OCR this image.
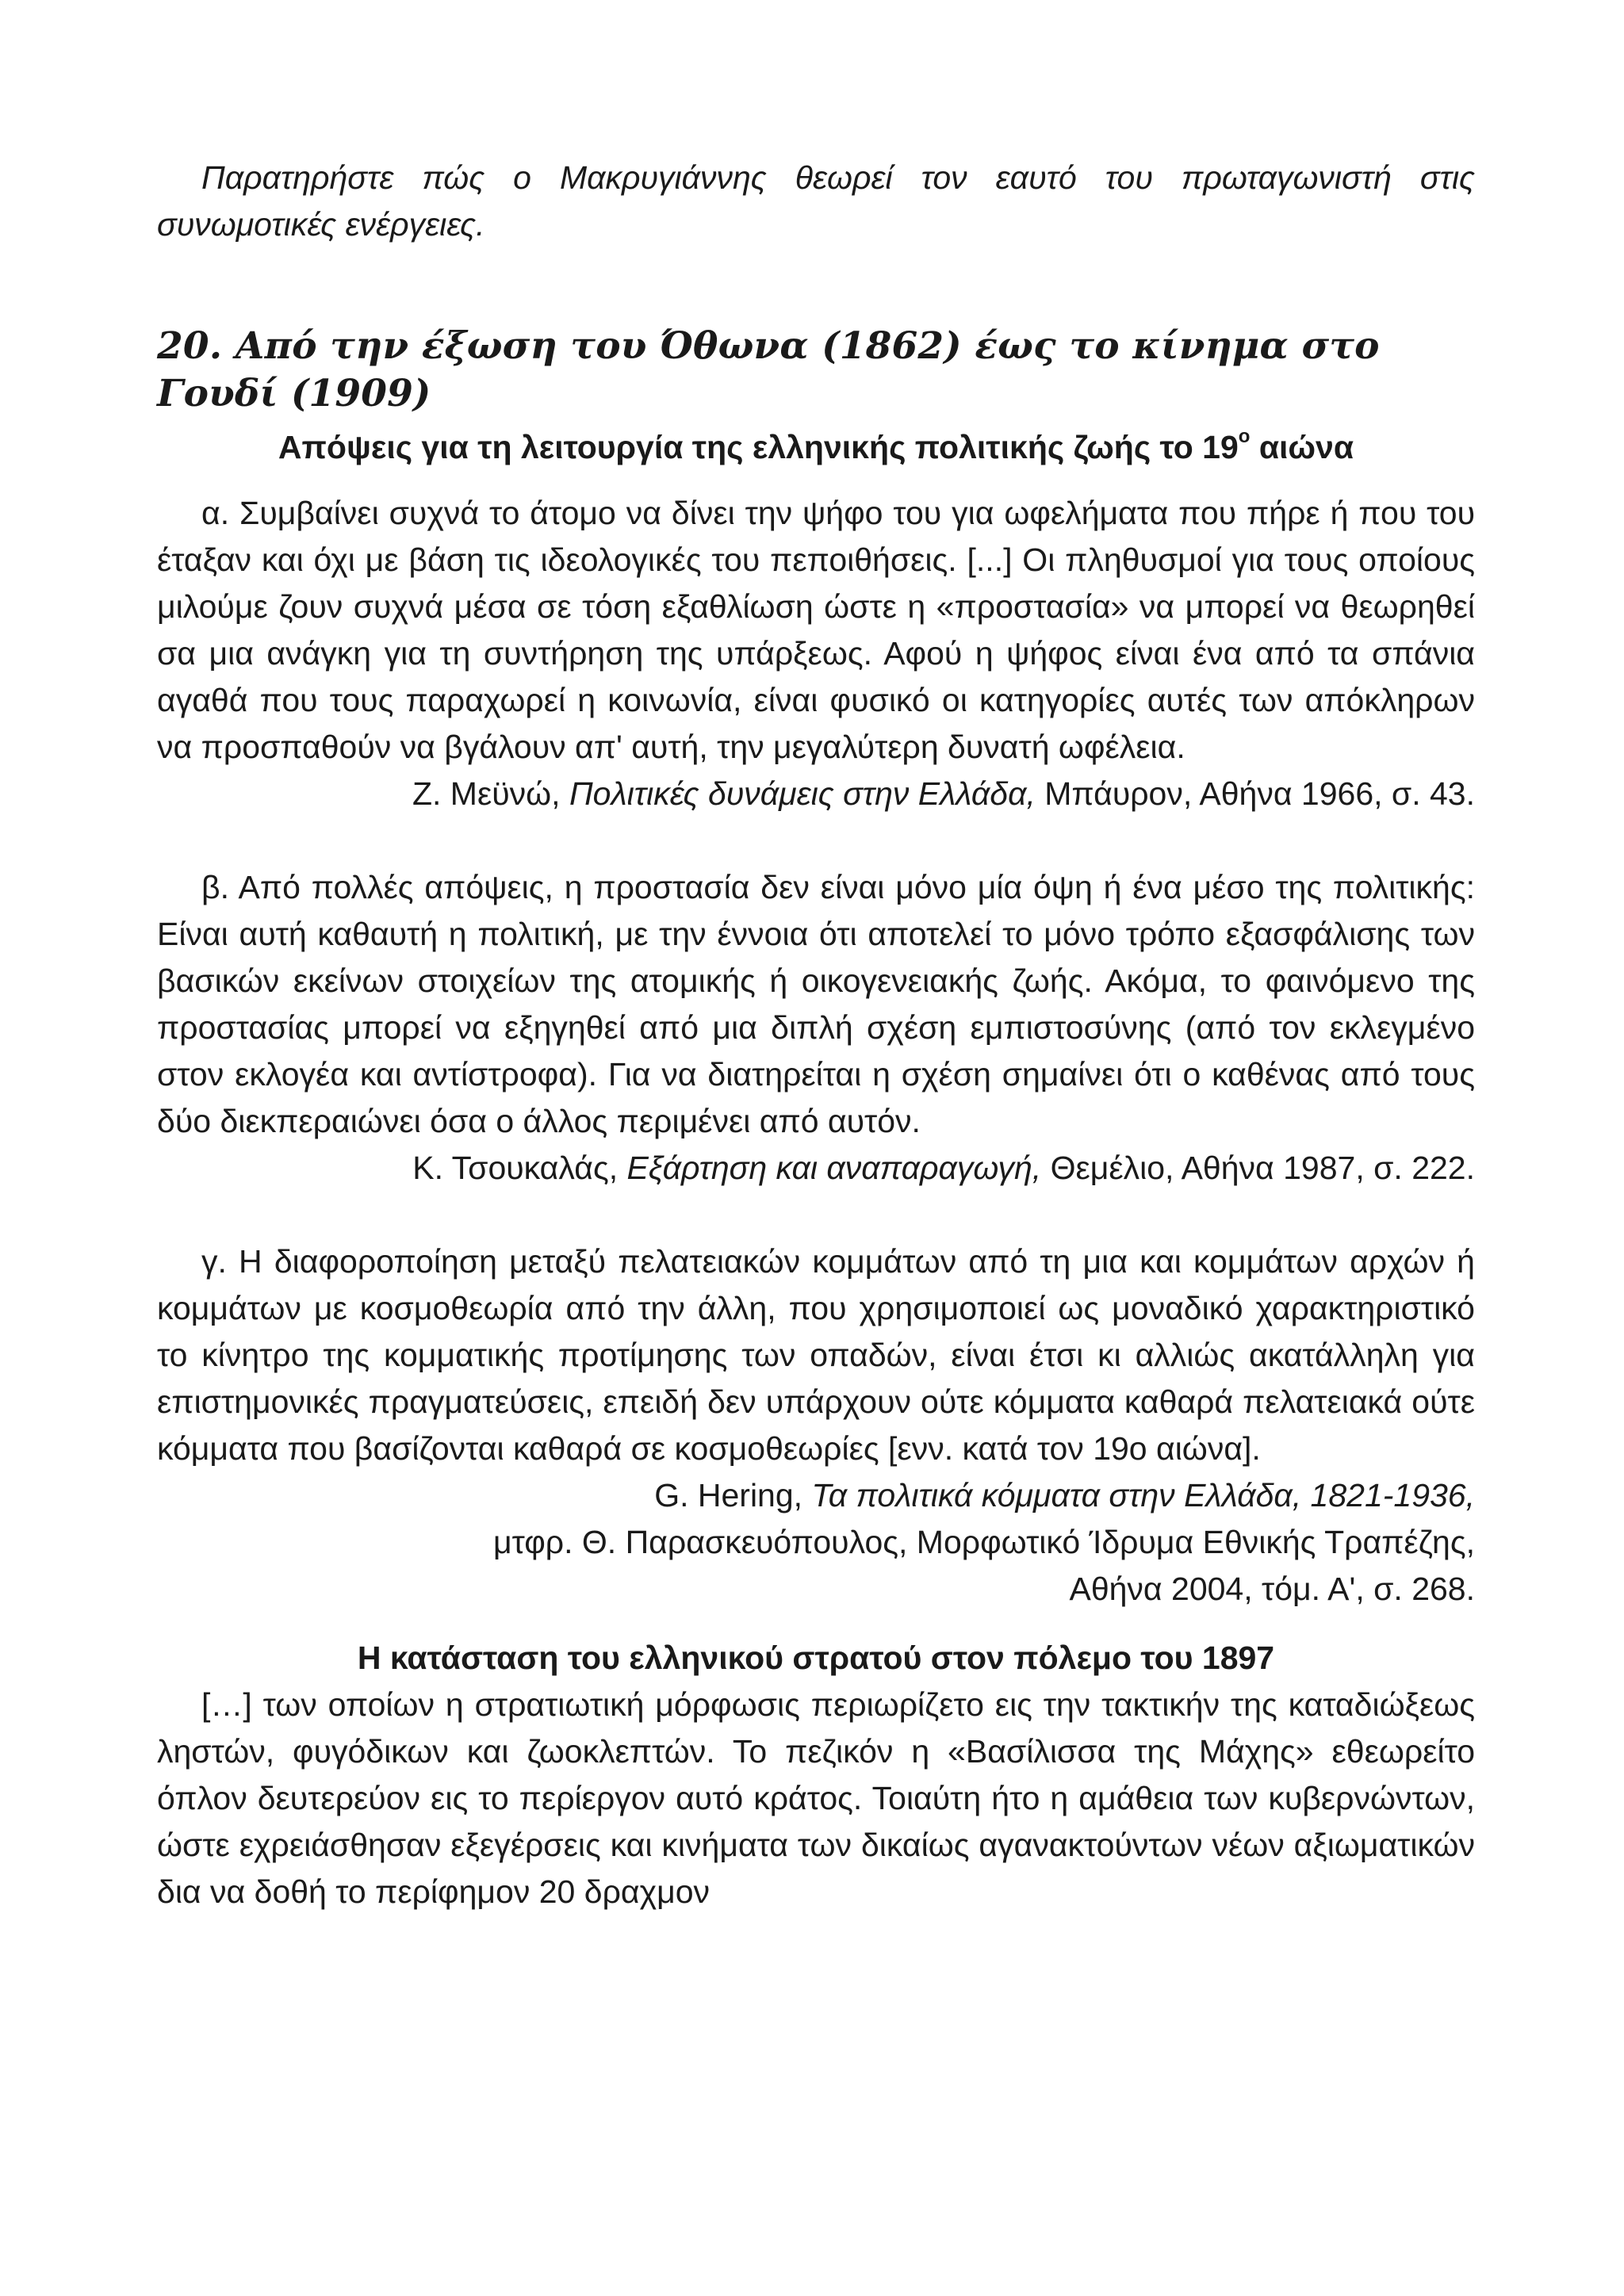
Παρατηρήστε πώς ο Μακρυγιάννης θεωρεί τον εαυτό του πρωταγωνιστή στις συνωμοτικές ενέργειες.

20. Από την έξωση του Όθωνα (1862) έως το κίνημα στο Γουδί (1909)

Απόψεις για τη λειτουργία της ελληνικής πολιτικής ζωής το $19^o$ αιώνα

α. Συμβαίνει συχνά το άτομο να δίνει την ψήφο του για ωφελήματα που πήρε ή που του έταξαν και όχι με βάση τις ιδεολογικές του πεποιθήσεις. [...] Οι πληθυσμοί για τους οποίους μιλούμε ζουν συχνά μέσα σε τόση εξαθλίωση ώστε η «προστασία» να μπορεί να θεωρηθεί σα μια ανάγκη για τη συντήρηση της υπάρξεως. Αφού η ψήφος είναι ένα από τα σπάνια αγαθά που τους παραχωρεί η κοινωνία, είναι φυσικό οι κατηγορίες αυτές των απόκληρων να προσπαθούν να βγάλουν απ' αυτή, την μεγαλύτερη δυνατή ωφέλεια.

Ζ. Μεϋνώ, Πολιτικές δυνάμεις στην Ελλάδα, Μπάυρον, Αθήνα 1966, σ. 43.

β. Από πολλές απόψεις, η προστασία δεν είναι μόνο μία όψη ή ένα μέσο της πολιτικής: Είναι αυτή καθαυτή η πολιτική, με την έννοια ότι αποτελεί το μόνο τρόπο εξασφάλισης των βασικών εκείνων στοιχείων της ατομικής ή οικογενειακής ζωής. Ακόμα, το φαινόμενο της προστασίας μπορεί να εξηγηθεί από μια διπλή σχέση εμπιστοσύνης (από τον εκλεγμένο στον εκλογέα και αντίστροφα). Για να διατηρείται η σχέση σημαίνει ότι ο καθένας από τους δύο διεκπεραιώνει όσα ο άλλος περιμένει από αυτόν.

Κ. Τσουκαλάς, Εξάρτηση και αναπαραγωγή, Θεμέλιο, Αθήνα 1987, σ. 222.

γ. Η διαφοροποίηση μεταξύ πελατειακών κομμάτων από τη μια και κομμάτων αρχών ή κομμάτων με κοσμοθεωρία από την άλλη, που χρησιμοποιεί ως μοναδικό χαρακτηριστικό το κίνητρο της κομματικής προτίμησης των οπαδών, είναι έτσι κι αλλιώς ακατάλληλη για επιστημονικές πραγματεύσεις, επειδή δεν υπάρχουν ούτε κόμματα καθαρά πελατειακά ούτε κόμματα που βασίζονται καθαρά σε κοσμοθεωρίες [ενν. κατά τον 19ο αιώνα].

G. Hering, Τα πολιτικά κόμματα στην Ελλάδα, 1821-1936,

μτφρ. Θ. Παρασκευόπουλος, Μορφωτικό Ίδρυμα Εθνικής Τραπέζης,

Αθήνα 2004, τόμ. Α', σ. 268.

Η κατάσταση του ελληνικού στρατού στον πόλεμο του 1897

[…] των οποίων η στρατιωτική μόρφωσις περιωρίζετο εις την τακτικήν της καταδιώξεως ληστών, φυγόδικων και ζωοκλεπτών. Το πεζικόν η «Βασίλισσα της Μάχης» εθεωρείτο όπλον δευτερεύον εις το περίεργον αυτό κράτος. Τοιαύτη ήτο η αμάθεια των κυβερνώντων, ώστε εχρειάσθησαν εξεγέρσεις και κινήματα των δικαίως αγανακτούντων νέων αξιωματικών δια να δοθή το περίφημον 20 δραχμον
